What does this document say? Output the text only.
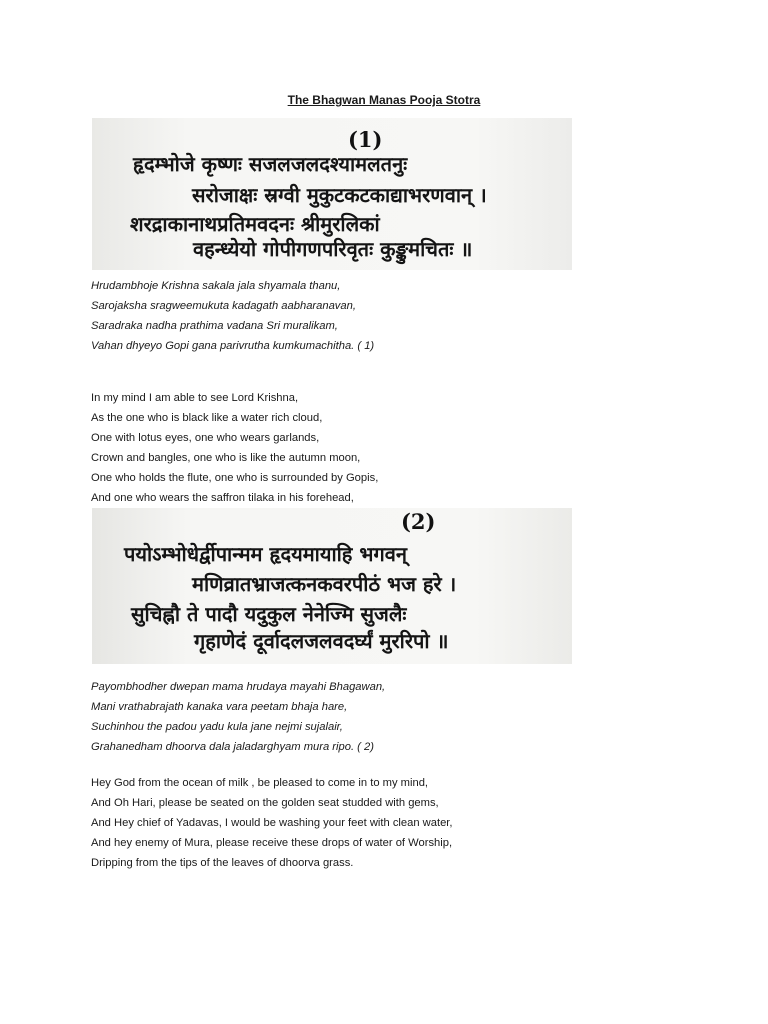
The Bhagwan Manas Pooja Stotra
(1)
हृदम्भोजे कृष्णः सजलजलदश्यामलतनुः
सरोजाक्षः स्रग्वी मुकुटकटकाद्याभरणवान् ।
शरद्राकानाथप्रतिमवदनः श्रीमुरलिकां
वहन्ध्येयो गोपीगणपरिवृतः कुङ्कुमचितः ॥
Hrudambhoje Krishna sakala jala shyamala thanu,
Sarojaksha sragweemukuta kadagath aabharanavan,
Saradraka nadha prathima vadana Sri muralikam,
Vahan dhyeyo Gopi gana parivrutha kumkumachitha. ( 1)
In my mind I am able to see Lord Krishna,
As the one who is black like a water rich cloud,
One with lotus eyes, one who wears garlands,
Crown and bangles, one who is like the autumn moon,
One who holds the flute, one who is surrounded by Gopis,
And one who wears the saffron tilaka in his forehead,
(2)
पयोऽम्भोधेर्द्वीपान्मम हृदयमायाहि भगवन्
मणिव्रातभ्राजत्कनकवरपीठं भज हरे ।
सुचिह्नौ ते पादौ यदुकुल नेनेज्मि सुजलैः
गृहाणेदं दूर्वादलजलवदर्घ्यं मुररिपो ॥
Payombhodher dwepan mama hrudaya mayahi Bhagawan,
Mani vrathabrajath kanaka vara peetam bhaja hare,
Suchinhou the padou yadu kula jane nejmi sujalair,
Grahanedham dhoorva dala jaladarghyam mura ripo. ( 2)
Hey God from the ocean of milk , be pleased to come in to my mind,
And Oh Hari, please be seated on the golden seat studded with gems,
And Hey chief of Yadavas, I would be washing your feet with clean water,
And hey enemy of Mura, please receive these drops of water of Worship,
Dripping from the tips of the leaves of dhoorva grass.
